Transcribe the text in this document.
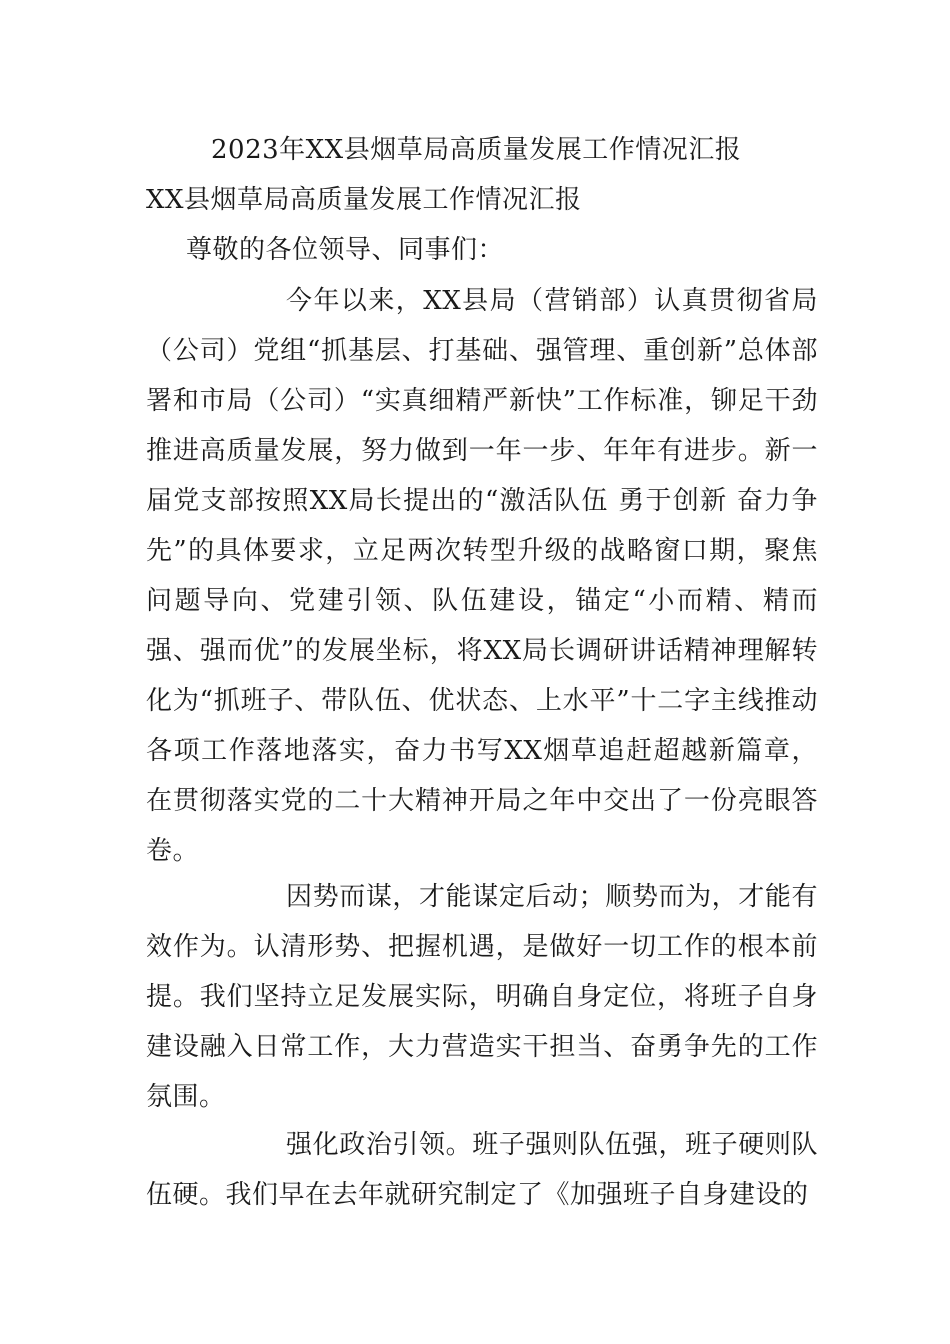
2023年XX县烟草局高质量发展工作情况汇报
XX县烟草局高质量发展工作情况汇报
尊敬的各位领导、同事们：

今年以来，XX县局（营销部）认真贯彻省局（公司）党组“抓基层、打基础、强管理、重创新”总体部署和市局（公司）“实真细精严新快”工作标准，铆足干劲推进高质量发展，努力做到一年一步、年年有进步。新一届党支部按照XX局长提出的“激活队伍 勇于创新 奋力争先”的具体要求，立足两次转型升级的战略窗口期，聚焦问题导向、党建引领、队伍建设，锚定“小而精、精而强、强而优”的发展坐标，将XX局长调研讲话精神理解转化为“抓班子、带队伍、优状态、上水平”十二字主线推动各项工作落地落实，奋力书写XX烟草追赶超越新篇章，在贯彻落实党的二十大精神开局之年中交出了一份亮眼答卷。

因势而谋，才能谋定后动；顺势而为，才能有效作为。认清形势、把握机遇，是做好一切工作的根本前提。我们坚持立足发展实际，明确自身定位，将班子自身建设融入日常工作，大力营造实干担当、奋勇争先的工作氛围。

强化政治引领。班子强则队伍强，班子硬则队伍硬。我们早在去年就研究制定了《加强班子自身建设的
